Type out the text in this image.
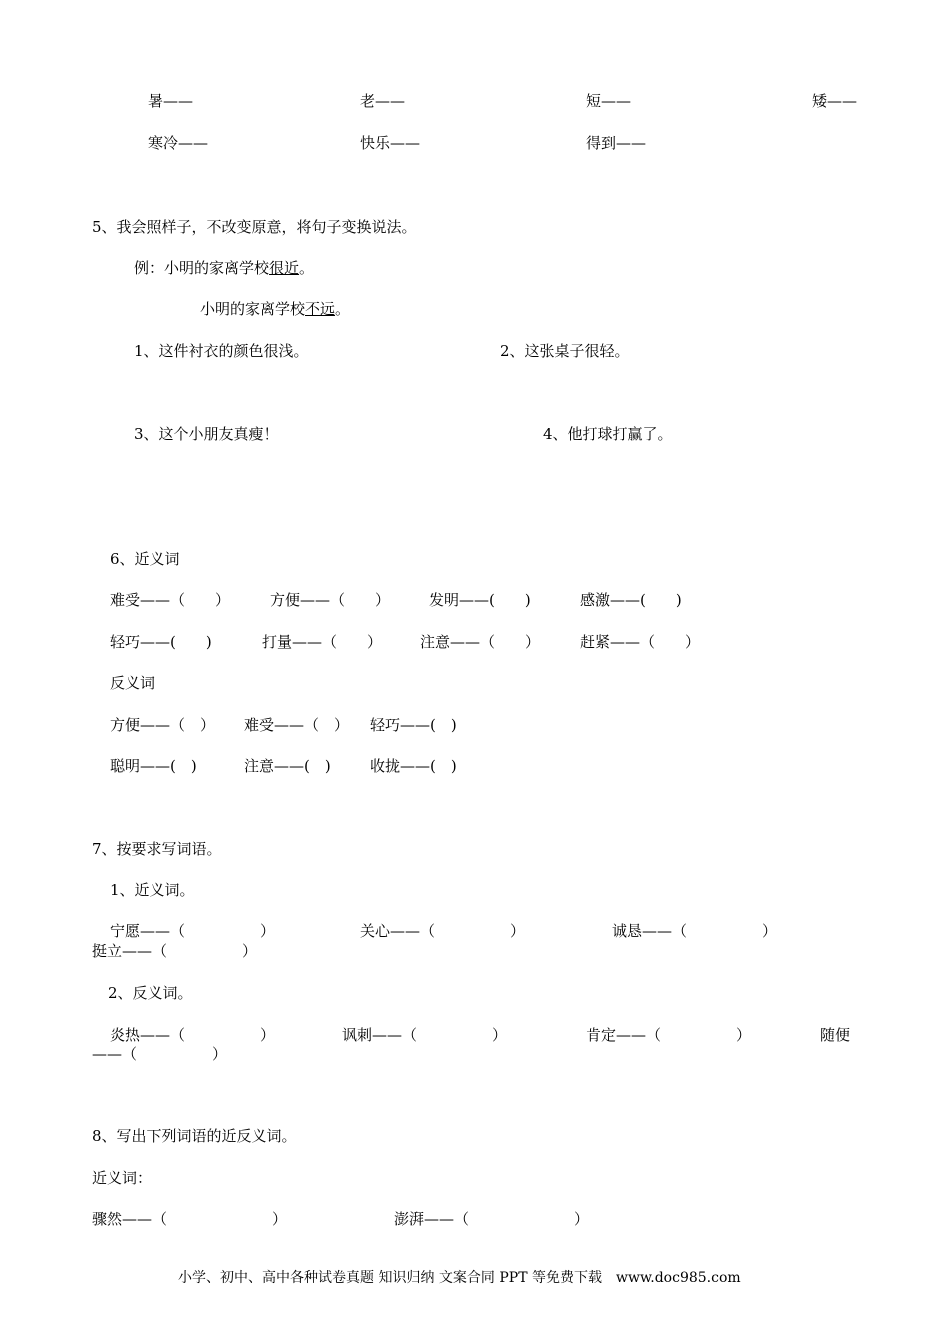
暑——	老——	短——	矮——
寒冷——	快乐——	得到——
5、我会照样子，不改变原意，将句子变换说法。
例：小明的家离学校很近。
小明的家离学校不远。
1、这件衬衣的颜色很浅。	2、这张桌子很轻。
3、这个小朋友真瘦！	4、他打球打赢了。
6、近义词
难受——（　　）	方便——（　　）	发明——(　　)	感激——(　　)
轻巧——(　　)	打量——（　　）	注意——（　　）	赶紧——（　　）
反义词
方便——（　） 难受——（　） 轻巧——(　)
聪明——(　)	注意——(　)	收拢——(　)
7、按要求写词语。
1、近义词。
宁愿——（　　　　　）	关心——（　　　　　）	诚恳——（　　　　　）
挺立——（　　　　　）
2、反义词。
炎热——（　　　　　）	讽刺——（　　　　　）	肯定——（　　　　　）	随便
——（　　　　　）
8、写出下列词语的近反义词。
近义词：
骤然——（　　　　　　　）	澎湃——（　　　　　　　）
小学、初中、高中各种试卷真题 知识归纳 文案合同 PPT 等免费下载　www.doc985.com
